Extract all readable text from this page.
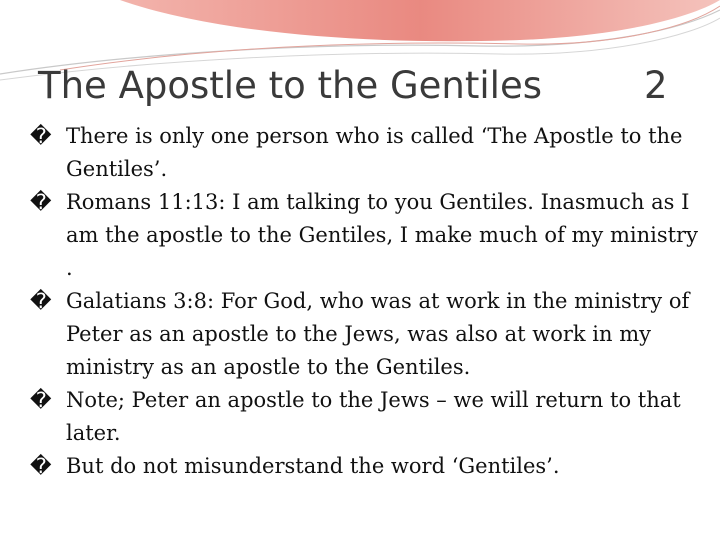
The Apostle to the Gentiles	2

� There is only one person who is called ‘The Apostle to the Gentiles’.

� Romans 11:13: I am talking to you Gentiles. Inasmuch as I am the apostle to the Gentiles, I make much of my ministry .

� Galatians 3:8: For God, who was at work in the ministry of Peter as an apostle to the Jews, was also at work in my ministry as an apostle to the Gentiles.

� Note; Peter an apostle to the Jews – we will return to that later.

� But do not misunderstand the word ‘Gentiles’.
